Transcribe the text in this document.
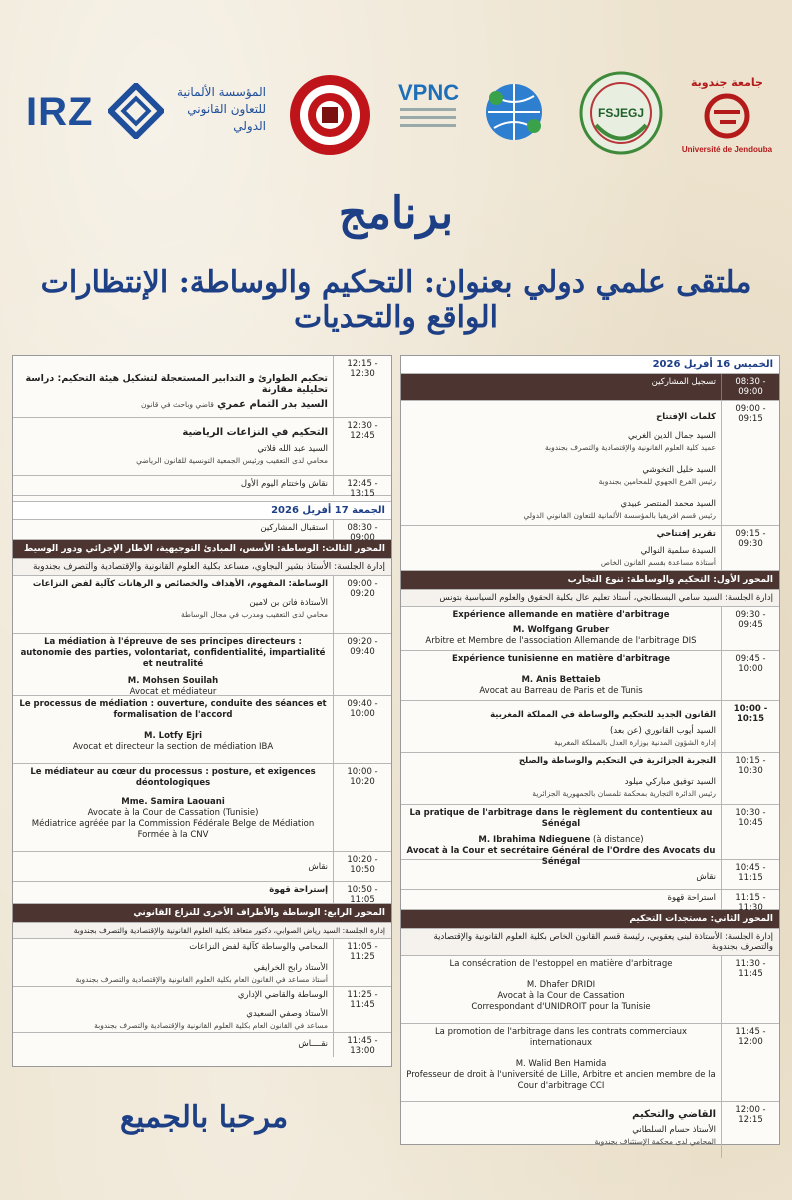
IRZ	المؤسسة الألمانية
للتعاون القانوني
الدولي
VPNC
FSJEGJ
جامعة جندوبة
Université de Jendouba
برنامج
ملتقى علمي دولي بعنوان: التحكيم والوساطة: الإنتظارات الواقع والتحديات
الخميس 16 أفريل 2026
08:30 - 09:00
تسجيل المشاركين
09:00 - 09:15
كلمات الإفتتاح
السيد جمال الدين الغربي
عميد كلية العلوم القانونية والإقتصادية والتصرف بجندوبة
السيد خليل التخوشي
رئيس الفرع الجهوي للمحامين بجندوبة
السيد محمد المنتصر عبيدي
رئيس قسم افريقيا بالمؤسسة الألمانية للتعاون القانوني الدولي
09:15 - 09:30
تقرير إفتتاحي
السيدة سلمية النوالي
أستاذة مساعدة بقسم القانون الخاص
المحور الأول: التحكيم والوساطة: تنوع التجارب
إدارة الجلسة: السيد سامي البسطانجي، أستاذ تعليم عال بكلية الحقوق والعلوم السياسية بتونس
09:30 - 09:45
Expérience allemande en matière d'arbitrage
M. Wolfgang Gruber
Arbitre et Membre de l'association Allemande de l'arbitrage DIS
09:45 - 10:00
Expérience tunisienne en matière d'arbitrage
M. Anis Bettaieb
Avocat au Barreau de Paris et de Tunis
10:00 - 10:15
القانون الجديد للتحكيم والوساطة في المملكة المغربية
السيد أيوب القانوري (عن بعد)
إدارة الشؤون المدنية بوزارة العدل بالمملكة المغربية
10:15 - 10:30
التجربة الجزائرية في التحكيم والوساطة والصلح
السيد توفيق مباركي ميلود
رئيس الدائرة التجارية بمحكمة تلمسان بالجمهورية الجزائرية
10:30 - 10:45
La pratique de l'arbitrage dans le règlement du contentieux au Sénégal
M. Ibrahima Ndieguene (à distance)
Avocat à la Cour et secrétaire Général de l'Ordre des Avocats du Sénégal
10:45 - 11:15
نقاش
11:15 - 11:30
استراحة قهوة
المحور الثاني: مستجدات التحكيم
إدارة الجلسة: الأستاذة لبنى يعقوبي، رئيسة قسم القانون الخاص بكلية العلوم القانونية والإقتصادية والتصرف بجندوبة
11:30 - 11:45
La consécration de l'estoppel en matière d'arbitrage
M. Dhafer DRIDI
Avocat à la Cour de Cassation
Correspondant d'UNIDROIT pour la Tunisie
11:45 - 12:00
La promotion de l'arbitrage dans les contrats commerciaux internationaux
M. Walid Ben Hamida
Professeur de droit à l'université de Lille, Arbitre et ancien membre de la Cour d'arbitrage CCI
12:00 - 12:15
القاضي والتحكيم
الأستاذ حسام السلطاني
المحامي لدى محكمة الإستئناف بجندوبة
12:15 - 12:30
تحكيم الطوارئ و التدابير المستعجلة لتشكيل هيئة التحكيم: دراسة تحليلية مقارنة
السيد بدر التمام عمري قاضي وباحث في قانون
12:30 - 12:45
التحكيم في النزاعات الرياضية
السيد عبد الله قلاتي
محامي لدى التعقيب ورئيس الجمعية التونسية للقانون الرياضي
12:45 - 13:15
نقاش واختتام اليوم الأول
الجمعة 17 أفريل 2026
08:30 - 09:00
استقبال المشاركين
المحور الثالث: الوساطة: الأسس، المبادئ التوجيهية، الاطار الإجرائي ودور الوسيط
إدارة الجلسة: الأستاذ بشير البجاوي، مساعد بكلية العلوم القانونية والإقتصادية والتصرف بجندوبة
09:00 - 09:20
الوساطة: المفهوم، الأهداف والخصائص و الرهانات كآلية لفض النزاعات
الأستاذة فاتن بن لامين
محامي لدى التعقيب ومدرب في مجال الوساطة
09:20 - 09:40
La médiation à l'épreuve de ses principes directeurs : autonomie des parties, volontariat, confidentialité, impartialité et neutralité
M. Mohsen Souilah
Avocat et médiateur
09:40 - 10:00
Le processus de médiation : ouverture, conduite des séances et formalisation de l'accord
M. Lotfy Ejri
Avocat et directeur la section de médiation IBA
10:00 - 10:20
Le médiateur au cœur du processus : posture, et exigences déontologiques
Mme. Samira Laouani
Avocate à la Cour de Cassation (Tunisie)
Médiatrice agréée par la Commission Fédérale Belge de Médiation
Formée à la CNV
10:20 - 10:50
نقاش
10:50 - 11:05
إستراحة قهوة
المحور الرابع: الوساطة والأطراف الأخرى للنزاع القانوني
إدارة الجلسة: السيد رياض الصوابي، دكتور متعاقد بكلية العلوم القانونية والإقتصادية والتصرف بجندوبة
11:05 - 11:25
المحامي والوساطة كآلية لفض النزاعات
الأستاذ رابح الخرايفي
أستاذ مساعد في القانون العام بكلية العلوم القانونية والإقتصادية والتصرف بجندوبة
11:25 - 11:45
الوساطة والقاضي الإداري
الأستاذ وصفي السعيدي
مساعد في القانون العام بكلية العلوم القانونية والإقتصادية والتصرف بجندوبة
11:45 - 13:00
نقــــاش
مرحبا بالجميع
